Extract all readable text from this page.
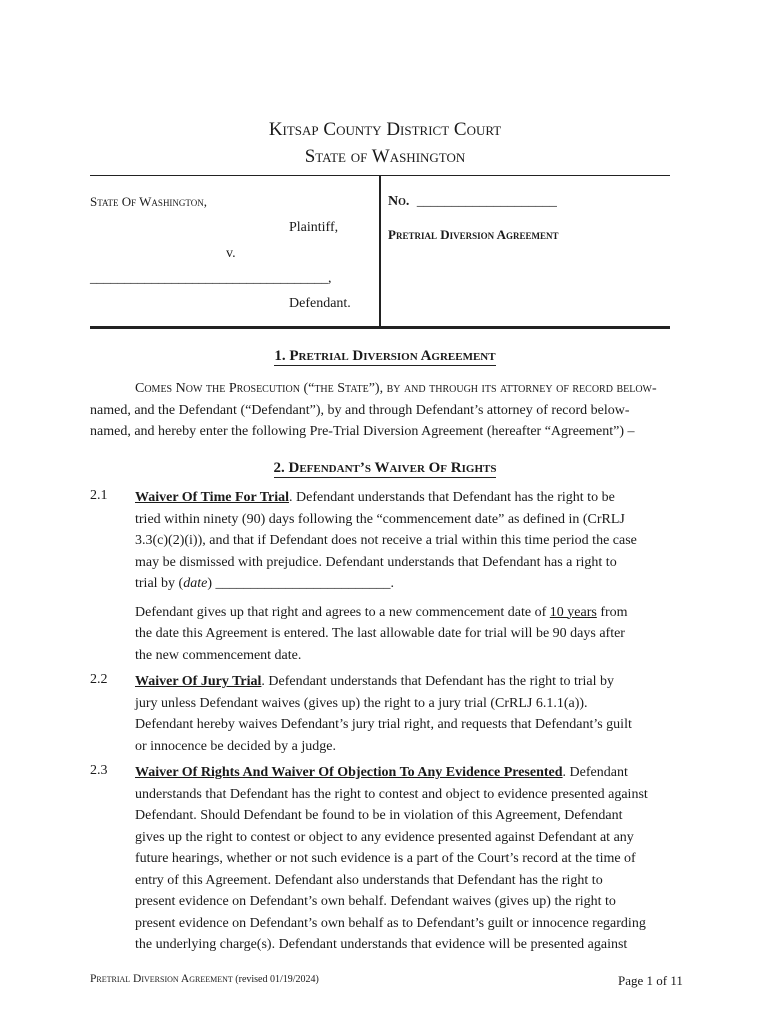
Kitsap County District Court
State of Washington
State Of Washington,
Plaintiff,
v.
___________________________________,
Defendant.
No. ____________________
Pretrial Diversion Agreement
1. Pretrial Diversion Agreement
Comes Now the Prosecution (“the State”), by and through its attorney of record below-
named, and the Defendant (“Defendant”), by and through Defendant’s attorney of record below-
named, and hereby enter the following Pre-Trial Diversion Agreement (hereafter “Agreement”) –
2. Defendant’s Waiver Of Rights
2.1 Waiver Of Time For Trial. Defendant understands that Defendant has the right to be
tried within ninety (90) days following the “commencement date” as defined in (CrRLJ
3.3(c)(2)(i)), and that if Defendant does not receive a trial within this time period the case
may be dismissed with prejudice. Defendant understands that Defendant has a right to
trial by (date) _________________________.
Defendant gives up that right and agrees to a new commencement date of 10 years from
the date this Agreement is entered. The last allowable date for trial will be 90 days after
the new commencement date.
2.2 Waiver Of Jury Trial. Defendant understands that Defendant has the right to trial by
jury unless Defendant waives (gives up) the right to a jury trial (CrRLJ 6.1.1(a)).
Defendant hereby waives Defendant’s jury trial right, and requests that Defendant’s guilt
or innocence be decided by a judge.
2.3 Waiver Of Rights And Waiver Of Objection To Any Evidence Presented. Defendant
understands that Defendant has the right to contest and object to evidence presented against
Defendant. Should Defendant be found to be in violation of this Agreement, Defendant
gives up the right to contest or object to any evidence presented against Defendant at any
future hearings, whether or not such evidence is a part of the Court’s record at the time of
entry of this Agreement. Defendant also understands that Defendant has the right to
present evidence on Defendant’s own behalf. Defendant waives (gives up) the right to
present evidence on Defendant’s own behalf as to Defendant’s guilt or innocence regarding
the underlying charge(s). Defendant understands that evidence will be presented against
Pretrial Diversion Agreement (revised 01/19/2024)	Page 1 of 11
